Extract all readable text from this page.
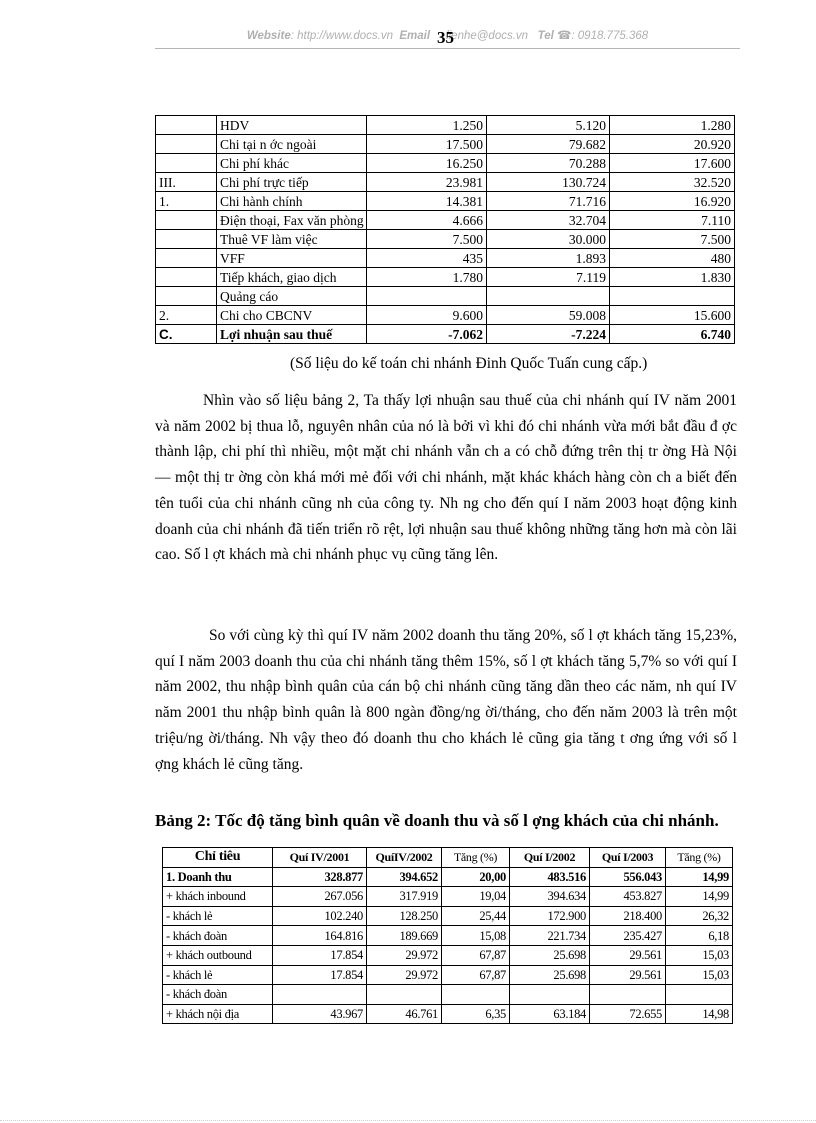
Website: http://www.docs.vn Email lienhe@docs.vn Tel ☎: 0918.775.368
35
	HDV	1.250	5.120	1.280
	Chi tại n ớc ngoài	17.500	79.682	20.920
	Chi phí khác	16.250	70.288	17.600
III.	Chi phí trực tiếp	23.981	130.724	32.520
1.	Chi hành chính	14.381	71.716	16.920
	Điện thoại, Fax văn phòng	4.666	32.704	7.110
	Thuê VF làm việc	7.500	30.000	7.500
	VFF	435	1.893	480
	Tiếp khách, giao dịch	1.780	7.119	1.830
	Quảng cáo			
2.	Chi cho CBCNV	9.600	59.008	15.600
C.	Lợi nhuận sau thuế	-7.062	-7.224	6.740
(Số liệu do kế toán chi nhánh Đinh Quốc Tuấn cung cấp.)

Nhìn vào số liệu bảng 2, Ta thấy lợi nhuận sau thuế của chi nhánh quí IV năm 2001 và năm 2002 bị thua lỗ, nguyên nhân của nó là bởi vì khi đó chi nhánh vừa mới bắt đầu đ ợc thành lập, chi phí thì nhiều, một mặt chi nhánh vẫn ch a có chỗ đứng trên thị tr ờng Hà Nội — một thị tr ờng còn khá mới mẻ đối với chi nhánh, mặt khác khách hàng còn ch a biết đến tên tuổi của chi nhánh cũng nh của công ty. Nh ng cho đến quí I năm 2003 hoạt động kinh doanh của chi nhánh đã tiến triển rõ rệt, lợi nhuận sau thuế không những tăng hơn mà còn lãi cao. Số l ợt khách mà chi nhánh phục vụ cũng tăng lên.

So với cùng kỳ thì quí IV năm 2002 doanh thu tăng 20%, số l ợt khách tăng 15,23%, quí I năm 2003 doanh thu của chi nhánh tăng thêm 15%, số l ợt khách tăng 5,7% so với quí I năm 2002, thu nhập bình quân của cán bộ chi nhánh cũng tăng dần theo các năm, nh quí IV năm 2001 thu nhập bình quân là 800 ngàn đồng/ng ời/tháng, cho đến năm 2003 là trên một triệu/ng ời/tháng. Nh vậy theo đó doanh thu cho khách lẻ cũng gia tăng t ơng ứng với số l ợng khách lẻ cũng tăng.

Bảng 2: Tốc độ tăng bình quân về doanh thu và số l ợng khách của chi nhánh.

Chỉ tiêu	Quí IV/2001	QuíIV/2002	Tăng (%)	Quí I/2002	Quí I/2003	Tăng (%)
1. Doanh thu	328.877	394.652	20,00	483.516	556.043	14,99
+ khách inbound	267.056	317.919	19,04	394.634	453.827	14,99
- khách lẻ	102.240	128.250	25,44	172.900	218.400	26,32
- khách đoàn	164.816	189.669	15,08	221.734	235.427	6,18
+ khách outbound	17.854	29.972	67,87	25.698	29.561	15,03
- khách lẻ	17.854	29.972	67,87	25.698	29.561	15,03
- khách đoàn						
+ khách nội địa	43.967	46.761	6,35	63.184	72.655	14,98
